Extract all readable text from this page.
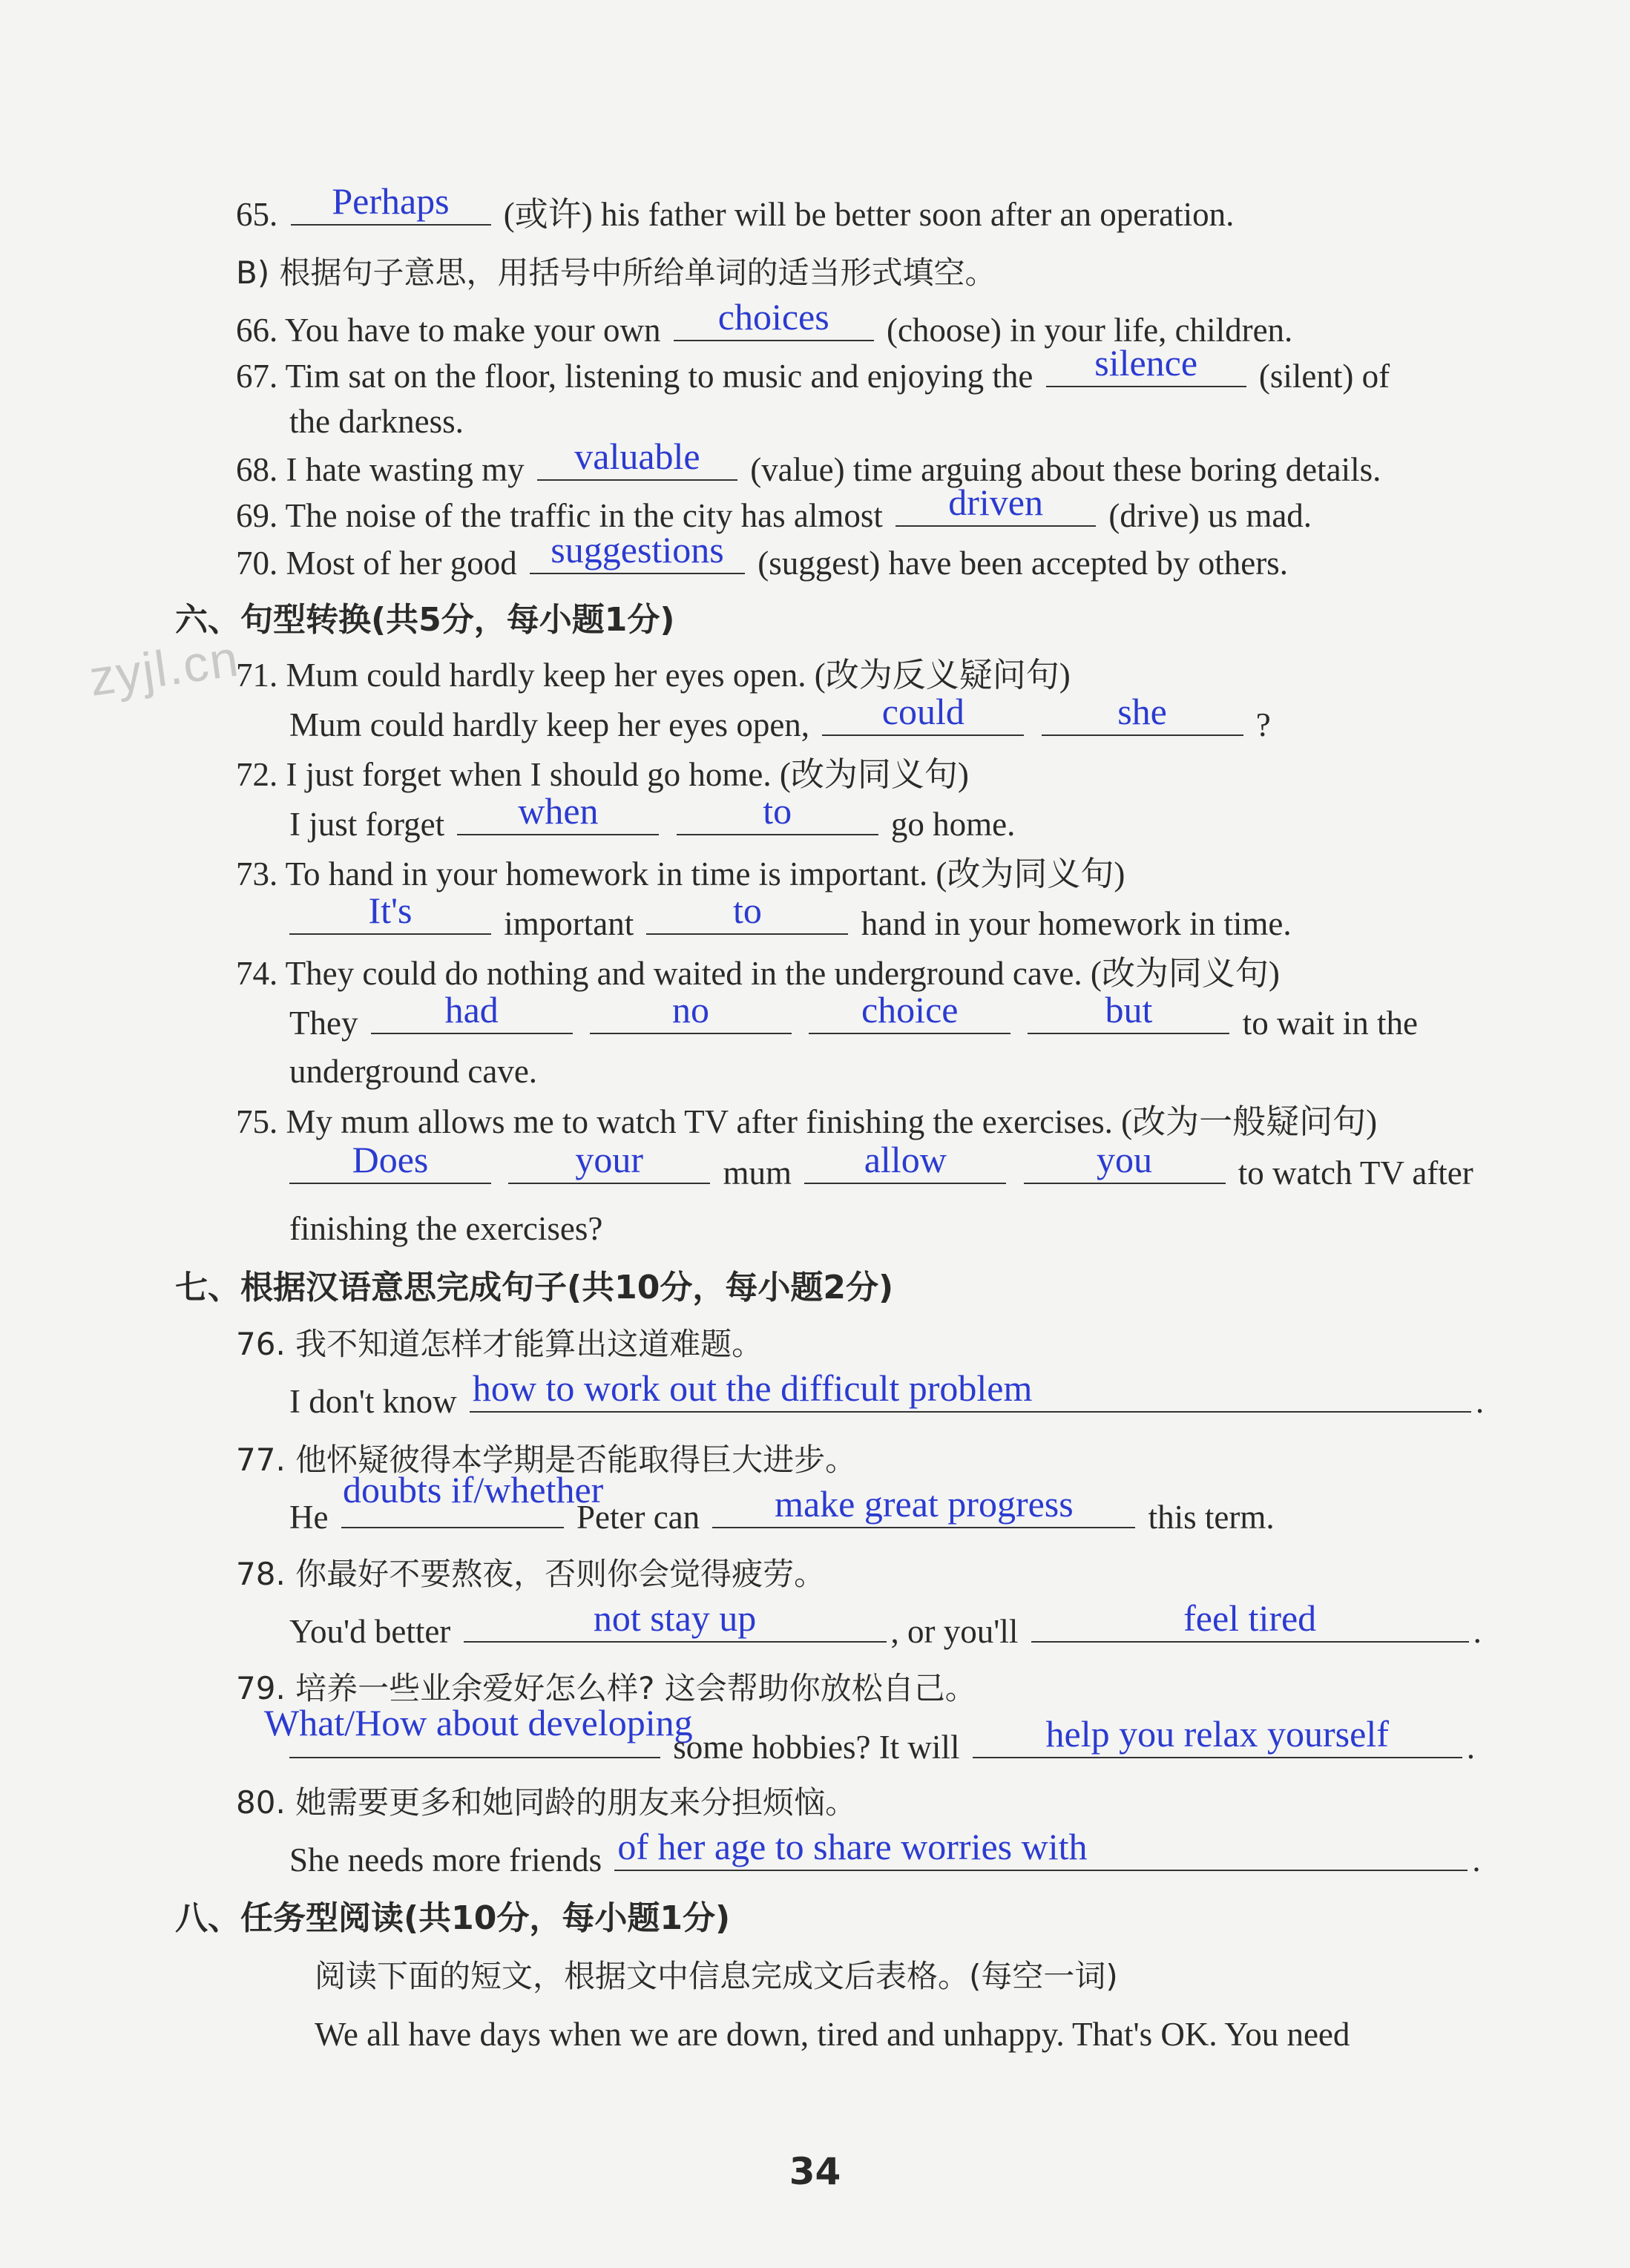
zyjl.cn
65.	Perhaps	(或许) his father will be better soon after an operation.
B) 根据句子意思，用括号中所给单词的适当形式填空。
66. You have to make your own	choices	(choose) in your life, children.
67. Tim sat on the floor, listening to music and enjoying the	silence	(silent) of
the darkness.
68. I hate wasting my	valuable	(value) time arguing about these boring details.
69. The noise of the traffic in the city has almost	driven	(drive) us mad.
70. Most of her good suggestions	(suggest) have been accepted by others.
六、句型转换(共5分，每小题1分)
71. Mum could hardly keep her eyes open. (改为反义疑问句)
Mum could hardly keep her eyes open,	could
	she	?
72. I just forget when I should go home. (改为同义句)
I just forget	when
	to	go home.
73. To hand in your homework in time is important. (改为同义句)
It's	important	to	hand in your homework in time.
74. They could do nothing and waited in the underground cave. (改为同义句)
They	had
	no
	choice
	but	to wait in the
underground cave.
75. My mum allows me to watch TV after finishing the exercises. (改为一般疑问句)
Does
	your	mum	allow
	you	to watch TV after
finishing the exercises?
七、根据汉语意思完成句子(共10分，每小题2分)
76. 我不知道怎样才能算出这道难题。
I don't know how to work out the difficult problem	.
77. 他怀疑彼得本学期是否能取得巨大进步。
doubts if/whether
He	Peter can	make great progress	this term.
78. 你最好不要熬夜，否则你会觉得疲劳。
You'd better	not stay up	, or you'll	feel tired	.
79. 培养一些业余爱好怎么样? 这会帮助你放松自己。
What/How about developing
some hobbies? It will	help you relax yourself	.
80. 她需要更多和她同龄的朋友来分担烦恼。
She needs more friends of her age to share worries with	.
八、任务型阅读(共10分，每小题1分)
阅读下面的短文，根据文中信息完成文后表格。(每空一词)
We all have days when we are down, tired and unhappy. That's OK. You need
34
